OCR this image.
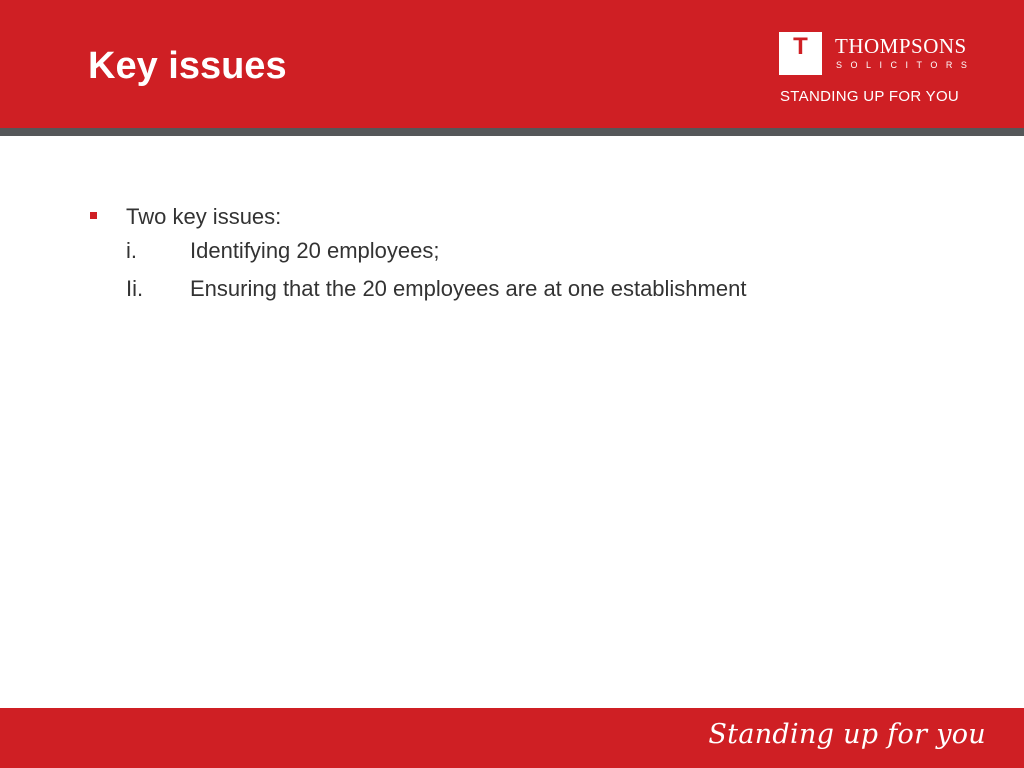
Key issues	T	THOMPSONS
SOLICITORS
STANDING UP FOR YOU
Two key issues:
i. Identifying 20 employees;
Ii. Ensuring that the 20 employees are at one establishment
Standing up for you
